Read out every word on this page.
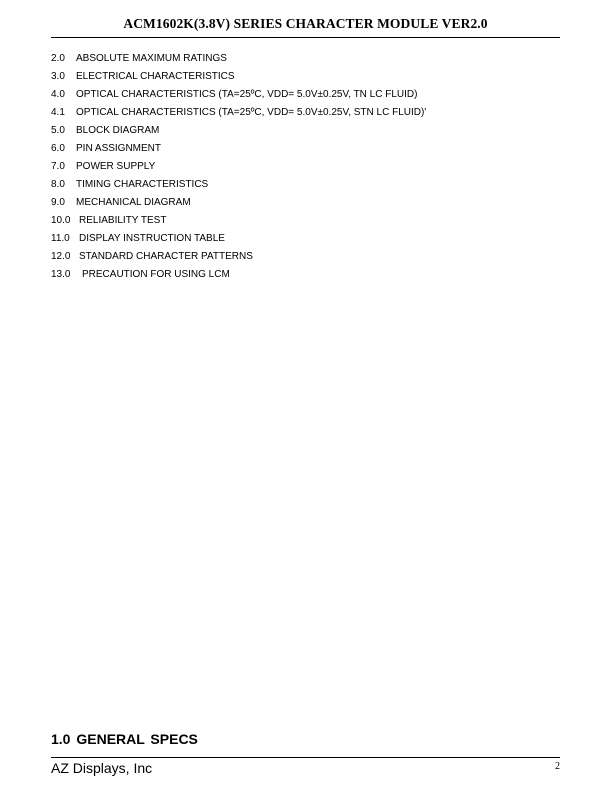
ACM1602K(3.8V) SERIES CHARACTER MODULE VER2.0
2.0 ABSOLUTE MAXIMUM RATINGS
3.0 ELECTRICAL CHARACTERISTICS
4.0 OPTICAL CHARACTERISTICS (TA=25ºC, VDD= 5.0V±0.25V, TN LC FLUID)
4.1 OPTICAL CHARACTERISTICS (TA=25ºC, VDD= 5.0V±0.25V, STN LC FLUID)'
5.0 BLOCK DIAGRAM
6.0 PIN ASSIGNMENT
7.0 POWER SUPPLY
8.0 TIMING CHARACTERISTICS
9.0 MECHANICAL DIAGRAM
10.0 RELIABILITY TEST
11.0 DISPLAY INSTRUCTION TABLE
12.0 STANDARD CHARACTER PATTERNS
13.0 PRECAUTION FOR USING LCM
1.0 GENERAL SPECS
AZ Displays, Inc	2
